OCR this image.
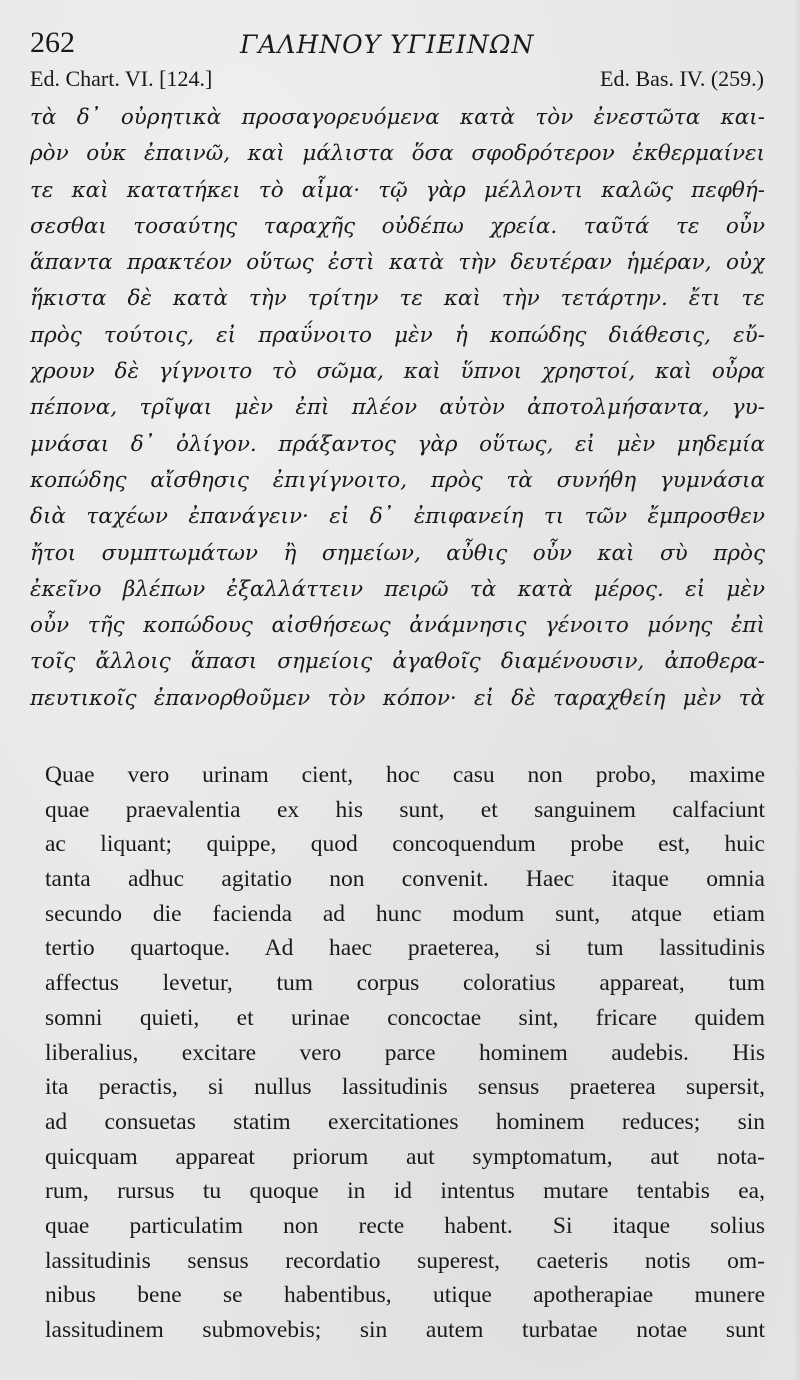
262	ΓΑΛΗΝΟΥ ΥΓΙΕΙΝΩΝ
Ed. Chart. VI. [124.]	Ed. Bas. IV. (259.)
τὰ δ᾽ οὐρητικὰ προσαγορευόμενα κατὰ τὸν ἐνεστῶτα και-
ρὸν οὐκ ἐπαινῶ, καὶ μάλιστα ὅσα σφοδρότερον ἐκθερμαίνει
τε καὶ κατατήκει τὸ αἷμα· τῷ γὰρ μέλλοντι καλῶς πεφθή-
σεσθαι τοσαύτης ταραχῆς οὐδέπω χρεία. ταῦτά τε οὖν
ἅπαντα πρακτέον οὕτως ἐστὶ κατὰ τὴν δευτέραν ἡμέραν, οὐχ
ἥκιστα δὲ κατὰ τὴν τρίτην τε καὶ τὴν τετάρτην. ἔτι τε
πρὸς τούτοις, εἰ πραΰνοιτο μὲν ἡ κοπώδης διάθεσις, εὔ-
χρουν δὲ γίγνοιτο τὸ σῶμα, καὶ ὕπνοι χρηστοί, καὶ οὖρα
πέπονα, τρῖψαι μὲν ἐπὶ πλέον αὐτὸν ἀποτολμήσαντα, γυ-
μνάσαι δ᾽ ὀλίγον. πράξαντος γὰρ οὕτως, εἰ μὲν μηδεμία
κοπώδης αἴσθησις ἐπιγίγνοιτο, πρὸς τὰ συνήθη γυμνάσια
διὰ ταχέων ἐπανάγειν· εἰ δ᾽ ἐπιφανείη τι τῶν ἔμπροσθεν
ἤτοι συμπτωμάτων ἢ σημείων, αὖθις οὖν καὶ σὺ πρὸς
ἐκεῖνο βλέπων ἐξαλλάττειν πειρῶ τὰ κατὰ μέρος. εἰ μὲν
οὖν τῆς κοπώδους αἰσθήσεως ἀνάμνησις γένοιτο μόνης ἐπὶ
τοῖς ἄλλοις ἅπασι σημείοις ἀγαθοῖς διαμένουσιν, ἀποθερα-
πευτικοῖς ἐπανορθοῦμεν τὸν κόπον· εἰ δὲ ταραχθείη μὲν τὰ
Quae vero urinam cient, hoc casu non probo, maxime
quae praevalentia ex his sunt, et sanguinem calfaciunt
ac liquant; quippe, quod concoquendum probe est, huic
tanta adhuc agitatio non convenit. Haec itaque omnia
secundo die facienda ad hunc modum sunt, atque etiam
tertio quartoque. Ad haec praeterea, si tum lassitudinis
affectus levetur, tum corpus coloratius appareat, tum
somni quieti, et urinae concoctae sint, fricare quidem
liberalius, excitare vero parce hominem audebis. His
ita peractis, si nullus lassitudinis sensus praeterea supersit,
ad consuetas statim exercitationes hominem reduces; sin
quicquam appareat priorum aut symptomatum, aut nota-
rum, rursus tu quoque in id intentus mutare tentabis ea,
quae particulatim non recte habent. Si itaque solius
lassitudinis sensus recordatio superest, caeteris notis om-
nibus bene se habentibus, utique apotherapiae munere
lassitudinem submovebis; sin autem turbatae notae sunt
